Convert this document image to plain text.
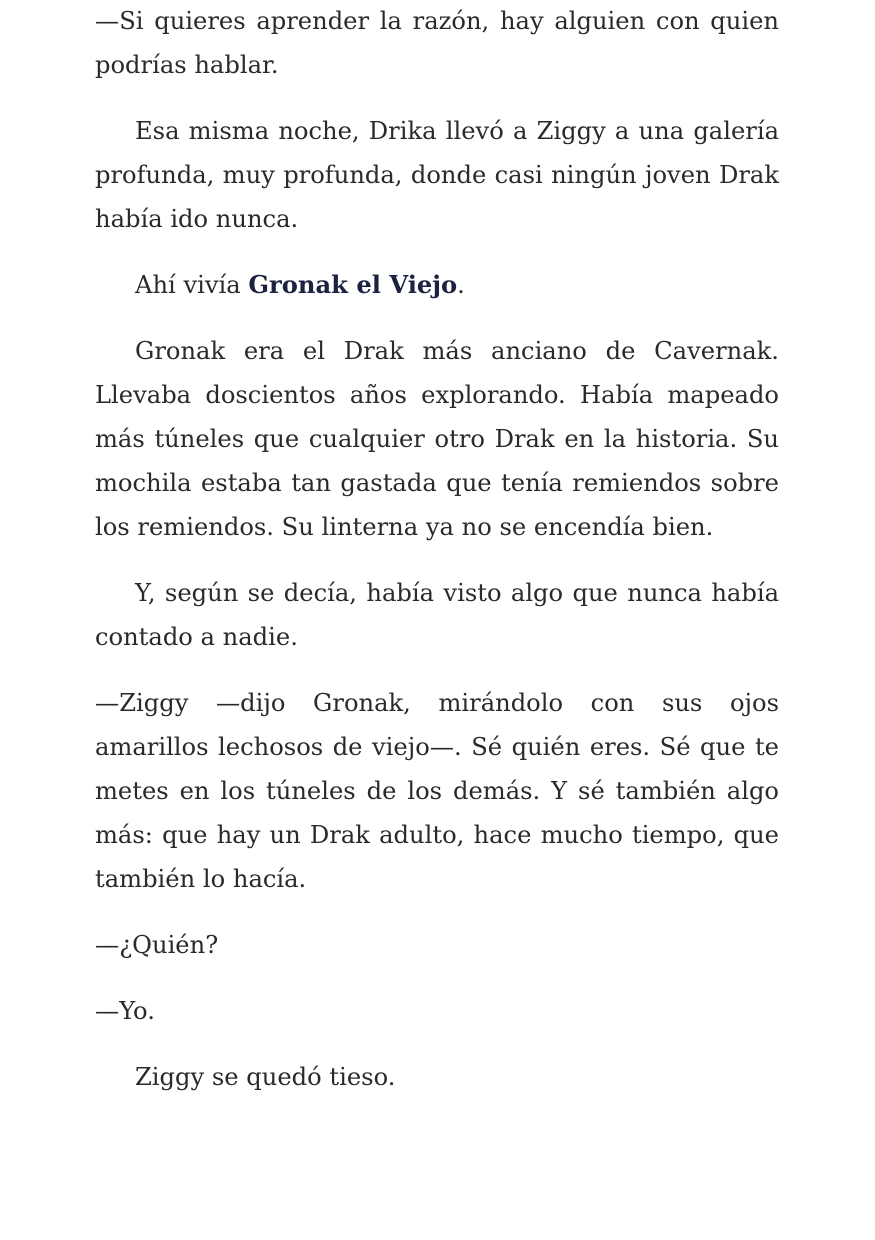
—Si quieres aprender la razón, hay alguien con quien podrías hablar.

Esa misma noche, Drika llevó a Ziggy a una galería profunda, muy profunda, donde casi ningún joven Drak había ido nunca.

Ahí vivía Gronak el Viejo.

Gronak era el Drak más anciano de Cavernak. Llevaba doscientos años explorando. Había mapeado más túneles que cualquier otro Drak en la historia. Su mochila estaba tan gastada que tenía remiendos sobre los remiendos. Su linterna ya no se encendía bien.

Y, según se decía, había visto algo que nunca había contado a nadie.

—Ziggy —dijo Gronak, mirándolo con sus ojos amarillos lechosos de viejo—. Sé quién eres. Sé que te metes en los túneles de los demás. Y sé también algo más: que hay un Drak adulto, hace mucho tiempo, que también lo hacía.

—¿Quién?

—Yo.

Ziggy se quedó tieso.
